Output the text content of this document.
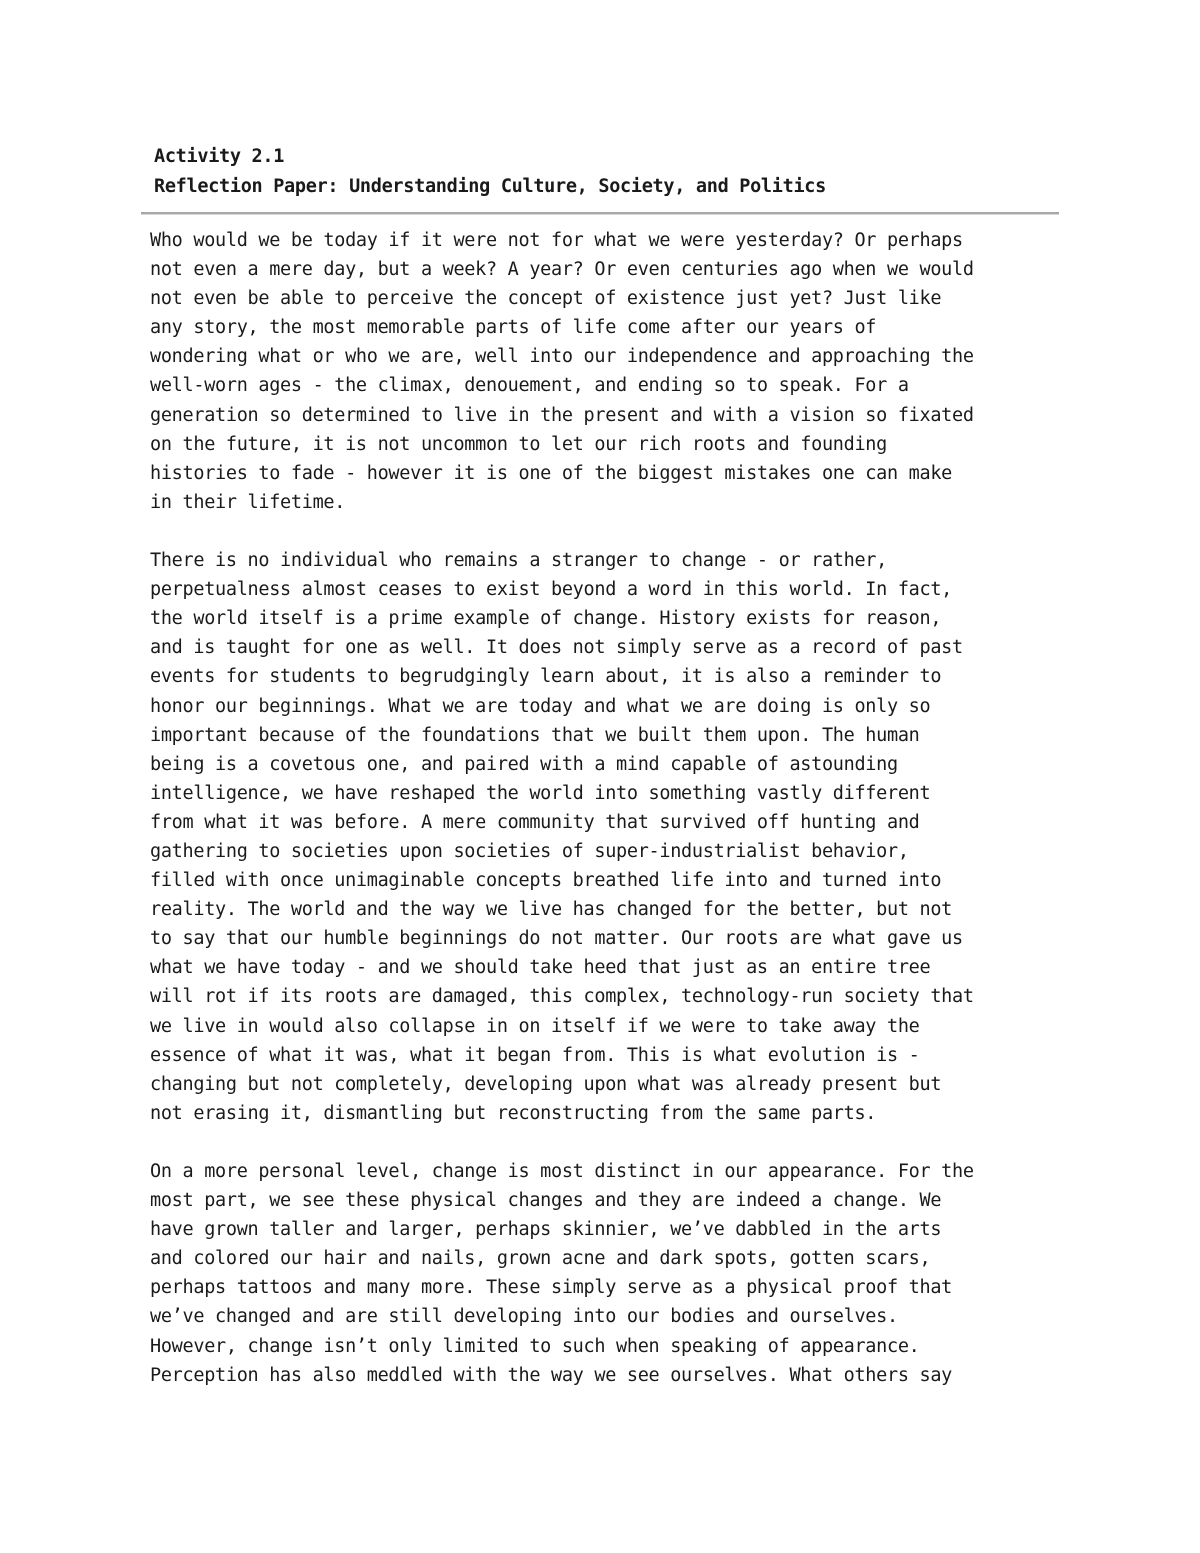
Activity 2.1
Reflection Paper: Understanding Culture, Society, and Politics
Who would we be today if it were not for what we were yesterday? Or perhaps
not even a mere day, but a week? A year? Or even centuries ago when we would
not even be able to perceive the concept of existence just yet? Just like
any story, the most memorable parts of life come after our years of
wondering what or who we are, well into our independence and approaching the
well-worn ages - the climax, denouement, and ending so to speak. For a
generation so determined to live in the present and with a vision so fixated
on the future, it is not uncommon to let our rich roots and founding
histories to fade - however it is one of the biggest mistakes one can make
in their lifetime.
There is no individual who remains a stranger to change - or rather,
perpetualness almost ceases to exist beyond a word in this world. In fact,
the world itself is a prime example of change. History exists for reason,
and is taught for one as well. It does not simply serve as a record of past
events for students to begrudgingly learn about, it is also a reminder to
honor our beginnings. What we are today and what we are doing is only so
important because of the foundations that we built them upon. The human
being is a covetous one, and paired with a mind capable of astounding
intelligence, we have reshaped the world into something vastly different
from what it was before. A mere community that survived off hunting and
gathering to societies upon societies of super-industrialist behavior,
filled with once unimaginable concepts breathed life into and turned into
reality. The world and the way we live has changed for the better, but not
to say that our humble beginnings do not matter. Our roots are what gave us
what we have today - and we should take heed that just as an entire tree
will rot if its roots are damaged, this complex, technology-run society that
we live in would also collapse in on itself if we were to take away the
essence of what it was, what it began from. This is what evolution is -
changing but not completely, developing upon what was already present but
not erasing it, dismantling but reconstructing from the same parts.
On a more personal level, change is most distinct in our appearance. For the
most part, we see these physical changes and they are indeed a change. We
have grown taller and larger, perhaps skinnier, we’ve dabbled in the arts
and colored our hair and nails, grown acne and dark spots, gotten scars,
perhaps tattoos and many more. These simply serve as a physical proof that
we’ve changed and are still developing into our bodies and ourselves.
However, change isn’t only limited to such when speaking of appearance.
Perception has also meddled with the way we see ourselves. What others say
